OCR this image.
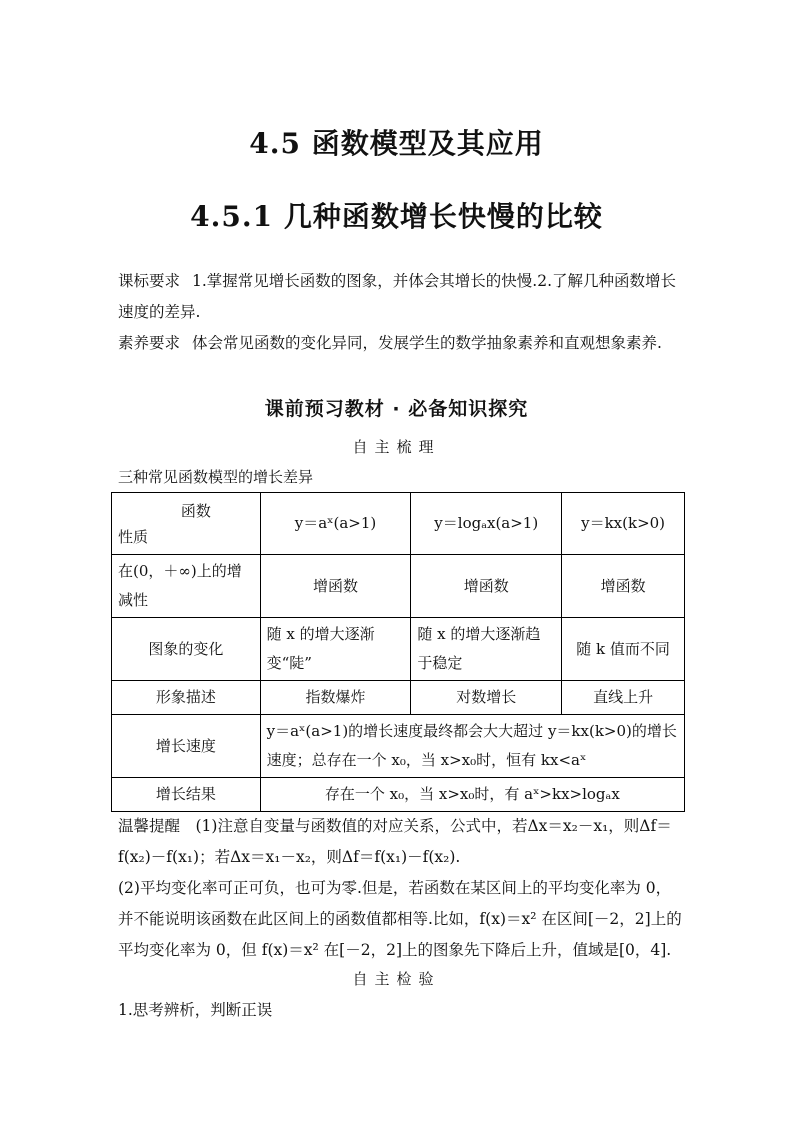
4.5 函数模型及其应用
4.5.1 几种函数增长快慢的比较
课标要求 1.掌握常见增长函数的图象，并体会其增长的快慢.2.了解几种函数增长速度的差异.
素养要求 体会常见函数的变化异同，发展学生的数学抽象素养和直观想象素养.
课前预习教材 · 必备知识探究
自主梳理
三种常见函数模型的增长差异
函数
性质	y＝aˣ(a>1)	y＝logₐx(a>1)	y＝kx(k>0)
在(0，＋∞)上的增减性	增函数	增函数	增函数
图象的变化	随 x 的增大逐渐变“陡”	随 x 的增大逐渐趋于稳定	随 k 值而不同
形象描述	指数爆炸	对数增长	直线上升
增长速度	y＝aˣ(a>1)的增长速度最终都会大大超过 y＝kx(k>0)的增长速度；总存在一个 x₀，当 x>x₀时，恒有 kx<aˣ		
增长结果	存在一个 x₀，当 x>x₀时，有 aˣ>kx>logₐx		
温馨提醒　(1)注意自变量与函数值的对应关系，公式中，若Δx＝x₂－x₁，则Δf＝f(x₂)－f(x₁)；若Δx＝x₁－x₂，则Δf＝f(x₁)－f(x₂).
(2)平均变化率可正可负，也可为零.但是，若函数在某区间上的平均变化率为 0，并不能说明该函数在此区间上的函数值都相等.比如，f(x)＝x² 在区间[－2，2]上的平均变化率为 0，但 f(x)＝x² 在[－2，2]上的图象先下降后上升，值域是[0，4].
自主检验
1.思考辨析，判断正误
